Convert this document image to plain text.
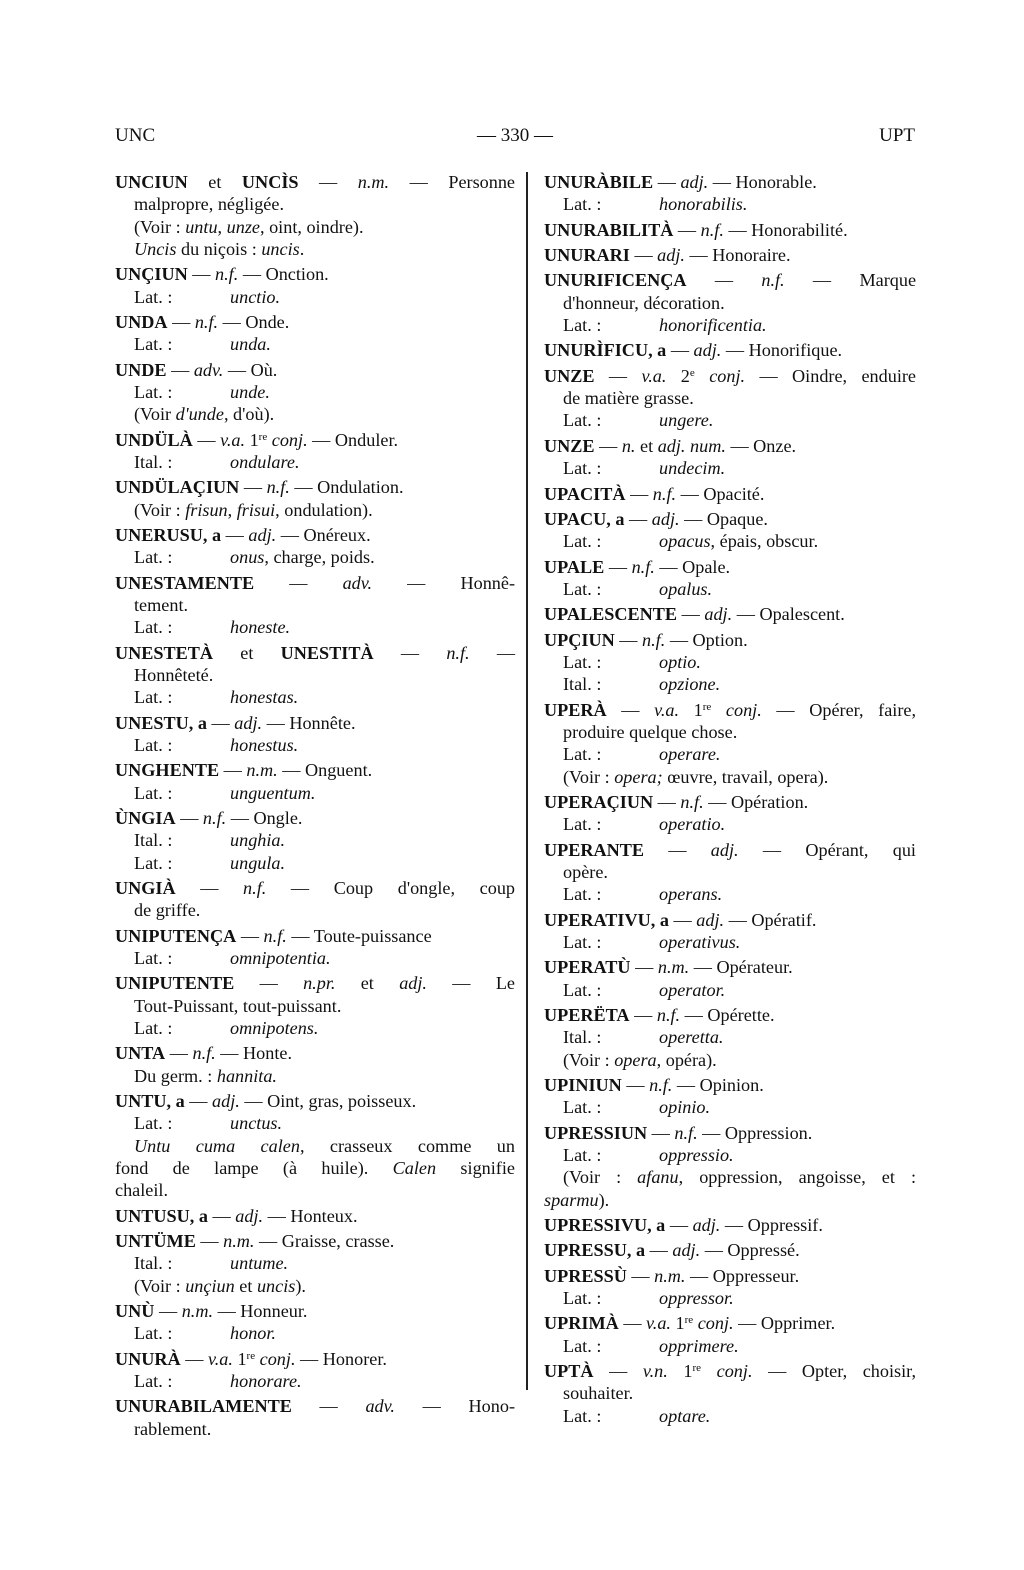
UNC	— 330 —	UPT
UNCIUN et UNCÌS — n.m. — Personne
malpropre, négligée.
(Voir : untu, unze, oint, oindre).
Uncis du niçois : uncis.
UNÇIUN — n.f. — Onction.
Lat. :	unctio.
UNDA — n.f. — Onde.
Lat. :	unda.
UNDE — adv. — Où.
Lat. :	unde.
(Voir d'unde, d'où).
UNDÜLÀ — v.a. 1re conj. — Onduler.
Ital. :	ondulare.
UNDÜLAÇIUN — n.f. — Ondulation.
(Voir : frisun, frisui, ondulation).
UNERUSU, a — adj. — Onéreux.
Lat. :	onus, charge, poids.
UNESTAMENTE — adv. — Honnê-
tement.
Lat. :	honeste.
UNESTETÀ et UNESTITÀ — n.f. —
Honnêteté.
Lat. :	honestas.
UNESTU, a — adj. — Honnête.
Lat. :	honestus.
UNGHENTE — n.m. — Onguent.
Lat. :	unguentum.
ÙNGIA — n.f. — Ongle.
Ital. :	unghia.
Lat. :	ungula.
UNGIÀ — n.f. — Coup d'ongle, coup
de griffe.
UNIPUTENÇA — n.f. — Toute-puissance
Lat. :	omnipotentia.
UNIPUTENTE — n.pr. et adj. — Le
Tout-Puissant, tout-puissant.
Lat. :	omnipotens.
UNTA — n.f. — Honte.
Du germ. : hannita.
UNTU, a — adj. — Oint, gras, poisseux.
Lat. :	unctus.
Untu cuma calen, crasseux comme un
fond de lampe (à huile). Calen signifie
chaleil.
UNTUSU, a — adj. — Honteux.
UNTÜME — n.m. — Graisse, crasse.
Ital. :	untume.
(Voir : unçiun et uncis).
UNÙ — n.m. — Honneur.
Lat. :	honor.
UNURÀ — v.a. 1re conj. — Honorer.
Lat. :	honorare.
UNURABILAMENTE — adv. — Hono-
rablement.
UNURÀBILE — adj. — Honorable.
Lat. :	honorabilis.
UNURABILITÀ — n.f. — Honorabilité.
UNURARI — adj. — Honoraire.
UNURIFICENÇA — n.f. — Marque
d'honneur, décoration.
Lat. :	honorificentia.
UNURÌFICU, a — adj. — Honorifique.
UNZE — v.a. 2e conj. — Oindre, enduire
de matière grasse.
Lat. :	ungere.
UNZE — n. et adj. num. — Onze.
Lat. :	undecim.
UPACITÀ — n.f. — Opacité.
UPACU, a — adj. — Opaque.
Lat. :	opacus, épais, obscur.
UPALE — n.f. — Opale.
Lat. :	opalus.
UPALESCENTE — adj. — Opalescent.
UPÇIUN — n.f. — Option.
Lat. :	optio.
Ital. :	opzione.
UPERÀ — v.a. 1re conj. — Opérer, faire,
produire quelque chose.
Lat. :	operare.
(Voir : opera; œuvre, travail, opera).
UPERAÇIUN — n.f. — Opération.
Lat. :	operatio.
UPERANTE — adj. — Opérant, qui
opère.
Lat. :	operans.
UPERATIVU, a — adj. — Opératif.
Lat. :	operativus.
UPERATÙ — n.m. — Opérateur.
Lat. :	operator.
UPERËTA — n.f. — Opérette.
Ital. :	operetta.
(Voir : opera, opéra).
UPINIUN — n.f. — Opinion.
Lat. :	opinio.
UPRESSIUN — n.f. — Oppression.
Lat. :	oppressio.
(Voir : afanu, oppression, angoisse, et :
sparmu).
UPRESSIVU, a — adj. — Oppressif.
UPRESSU, a — adj. — Oppressé.
UPRESSÙ — n.m. — Oppresseur.
Lat. :	oppressor.
UPRIMÀ — v.a. 1re conj. — Opprimer.
Lat. :	opprimere.
UPTÀ — v.n. 1re conj. — Opter, choisir,
souhaiter.
Lat. :	optare.
